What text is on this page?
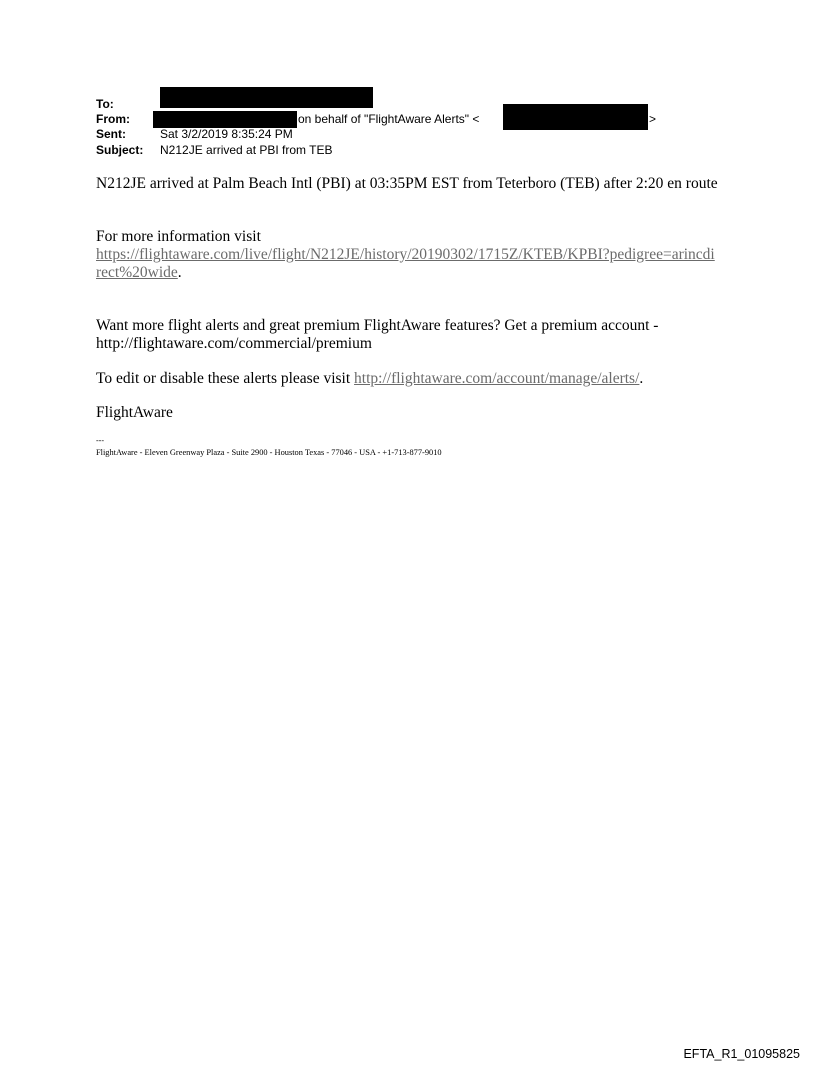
To:
From:	on behalf of "FlightAware Alerts" <	>
Sent:	Sat 3/2/2019 8:35:24 PM
Subject: N212JE arrived at PBI from TEB
N212JE arrived at Palm Beach Intl (PBI) at 03:35PM EST from Teterboro (TEB) after 2:20 en route
For more information visit
https://flightaware.com/live/flight/N212JE/history/20190302/1715Z/KTEB/KPBI?pedigree=arincdirect%20wide.
Want more flight alerts and great premium FlightAware features? Get a premium account - http://flightaware.com/commercial/premium
To edit or disable these alerts please visit http://flightaware.com/account/manage/alerts/.
FlightAware
---
FlightAware - Eleven Greenway Plaza - Suite 2900 - Houston Texas - 77046 - USA - +1-713-877-9010
EFTA_R1_01095825
